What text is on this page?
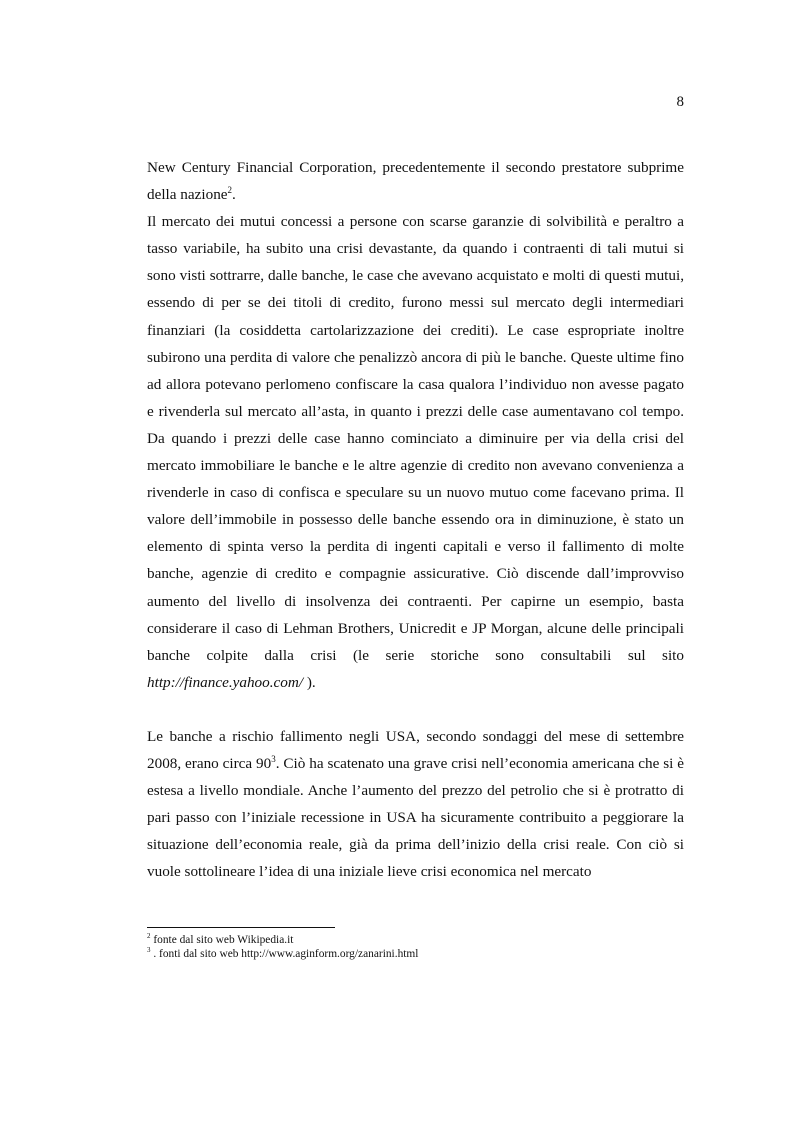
8

New Century Financial Corporation, precedentemente il secondo prestatore subprime della nazione$^2$.

Il mercato dei mutui concessi a persone con scarse garanzie di solvibilità e peraltro a tasso variabile, ha subito una crisi devastante, da quando i contraenti di tali mutui si sono visti sottrarre, dalle banche, le case che avevano acquistato e molti di questi mutui, essendo di per se dei titoli di credito, furono messi sul mercato degli intermediari finanziari (la cosiddetta cartolarizzazione dei crediti). Le case espropriate inoltre subirono una perdita di valore che penalizzò ancora di più le banche. Queste ultime fino ad allora potevano perlomeno confiscare la casa qualora l’individuo non avesse pagato e rivenderla sul mercato all’asta, in quanto i prezzi delle case aumentavano col tempo. Da quando i prezzi delle case hanno cominciato a diminuire per via della crisi del mercato immobiliare le banche e le altre agenzie di credito non avevano convenienza a rivenderle in caso di confisca e speculare su un nuovo mutuo come facevano prima. Il valore dell’immobile in possesso delle banche essendo ora in diminuzione, è stato un elemento di spinta verso la perdita di ingenti capitali e verso il fallimento di molte banche, agenzie di credito e compagnie assicurative. Ciò discende dall’improvviso aumento del livello di insolvenza dei contraenti. Per capirne un esempio, basta considerare il caso di Lehman Brothers, Unicredit e JP Morgan, alcune delle principali banche colpite dalla crisi (le serie storiche sono consultabili sul sito http://finance.yahoo.com/ ).

Le banche a rischio fallimento negli USA, secondo sondaggi del mese di settembre 2008, erano circa $90^3$. Ciò ha scatenato una grave crisi nell’economia americana che si è estesa a livello mondiale. Anche l’aumento del prezzo del petrolio che si è protratto di pari passo con l’iniziale recessione in USA ha sicuramente contribuito a peggiorare la situazione dell’economia reale, già da prima dell’inizio della crisi reale. Con ciò si vuole sottolineare l’idea di una iniziale lieve crisi economica nel mercato

$^2$ fonte dal sito web Wikipedia.it
$^3$ . fonti dal sito web http://www.aginform.org/zanarini.html
